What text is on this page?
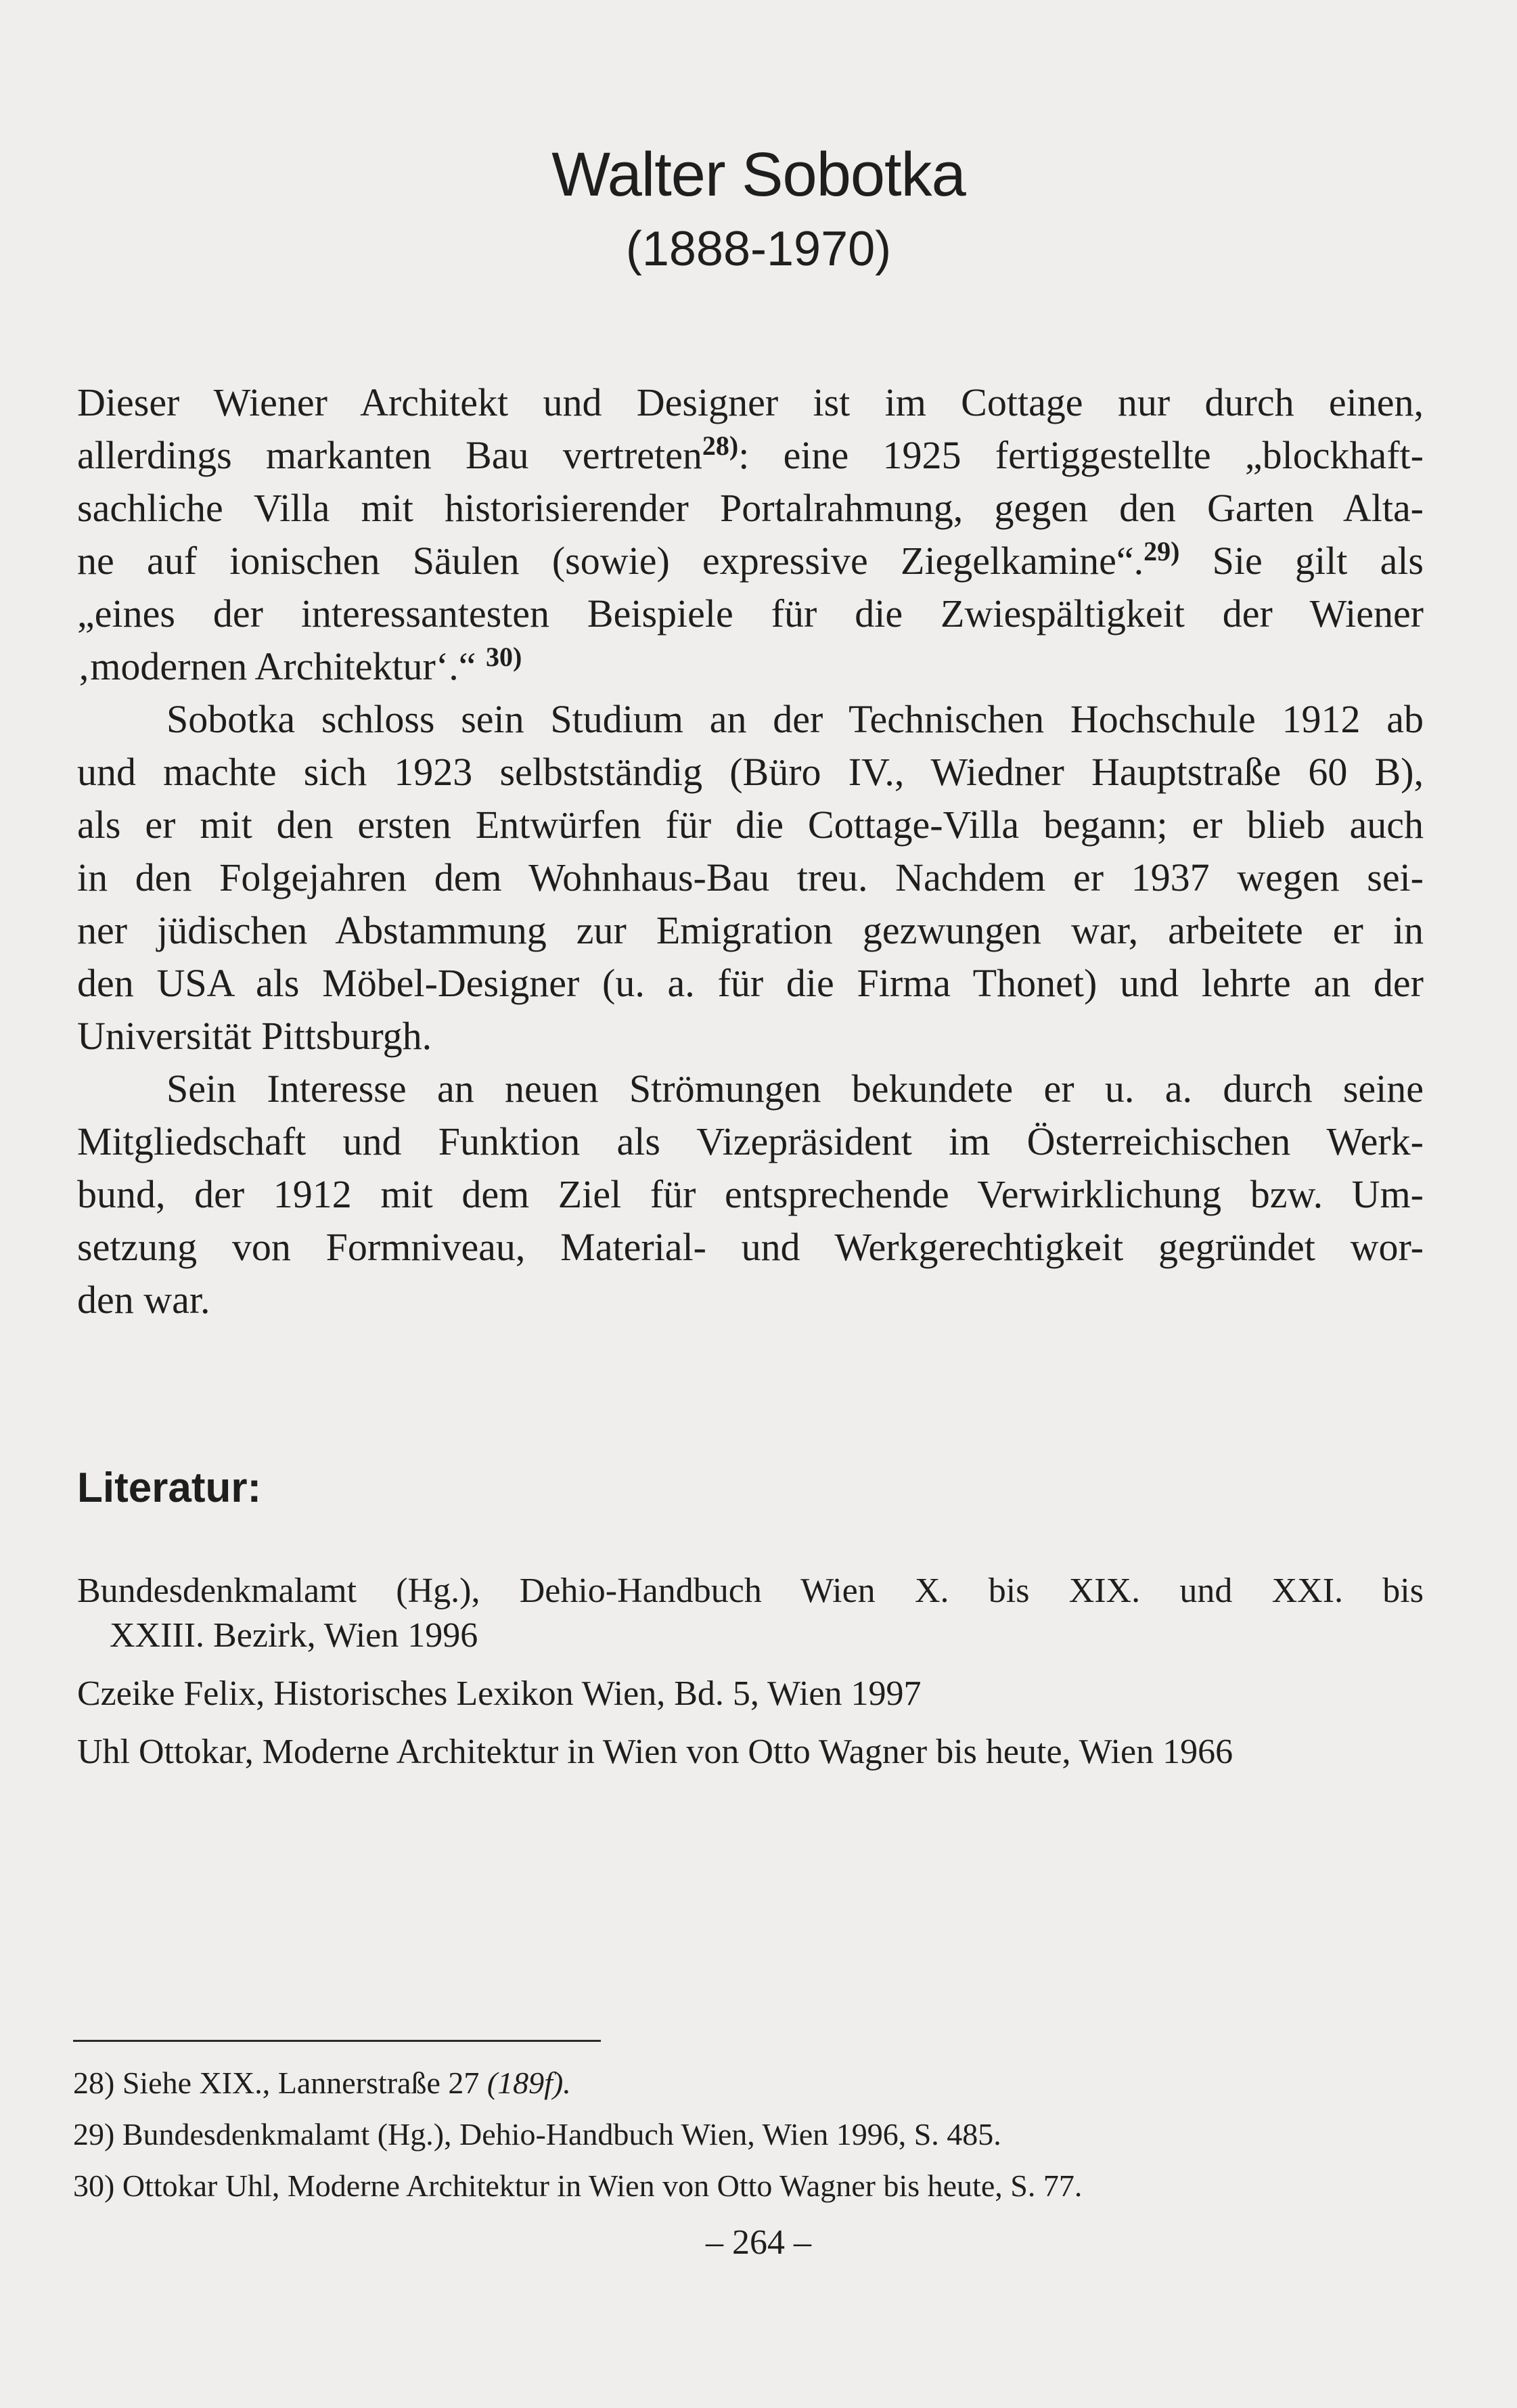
Walter Sobotka
(1888-1970)
Dieser Wiener Architekt und Designer ist im Cottage nur durch einen,
allerdings markanten Bau vertreten$^{28)}$: eine 1925 fertiggestellte „blockhaft-
sachliche Villa mit historisierender Portalrahmung, gegen den Garten Alta-
ne auf ionischen Säulen (sowie) expressive Ziegelkamine“.$^{29)}$ Sie gilt als
„eines der interessantesten Beispiele für die Zwiespältigkeit der Wiener
‚modernen Architektur‘.“ $^{30)}$
Sobotka schloss sein Studium an der Technischen Hochschule 1912 ab
und machte sich 1923 selbstständig (Büro IV., Wiedner Hauptstraße 60 B),
als er mit den ersten Entwürfen für die Cottage-Villa begann; er blieb auch
in den Folgejahren dem Wohnhaus-Bau treu. Nachdem er 1937 wegen sei-
ner jüdischen Abstammung zur Emigration gezwungen war, arbeitete er in
den USA als Möbel-Designer (u. a. für die Firma Thonet) und lehrte an der
Universität Pittsburgh.
Sein Interesse an neuen Strömungen bekundete er u. a. durch seine
Mitgliedschaft und Funktion als Vizepräsident im Österreichischen Werk-
bund, der 1912 mit dem Ziel für entsprechende Verwirklichung bzw. Um-
setzung von Formniveau, Material- und Werkgerechtigkeit gegründet wor-
den war.
Literatur:
Bundesdenkmalamt (Hg.), Dehio-Handbuch Wien X. bis XIX. und XXI. bis
XXIII. Bezirk, Wien 1996
Czeike Felix, Historisches Lexikon Wien, Bd. 5, Wien 1997
Uhl Ottokar, Moderne Architektur in Wien von Otto Wagner bis heute, Wien 1966

28) Siehe XIX., Lannerstraße 27 (189f).

29) Bundesdenkmalamt (Hg.), Dehio-Handbuch Wien, Wien 1996, S. 485.

30) Ottokar Uhl, Moderne Architektur in Wien von Otto Wagner bis heute, S. 77.

– 264 –
